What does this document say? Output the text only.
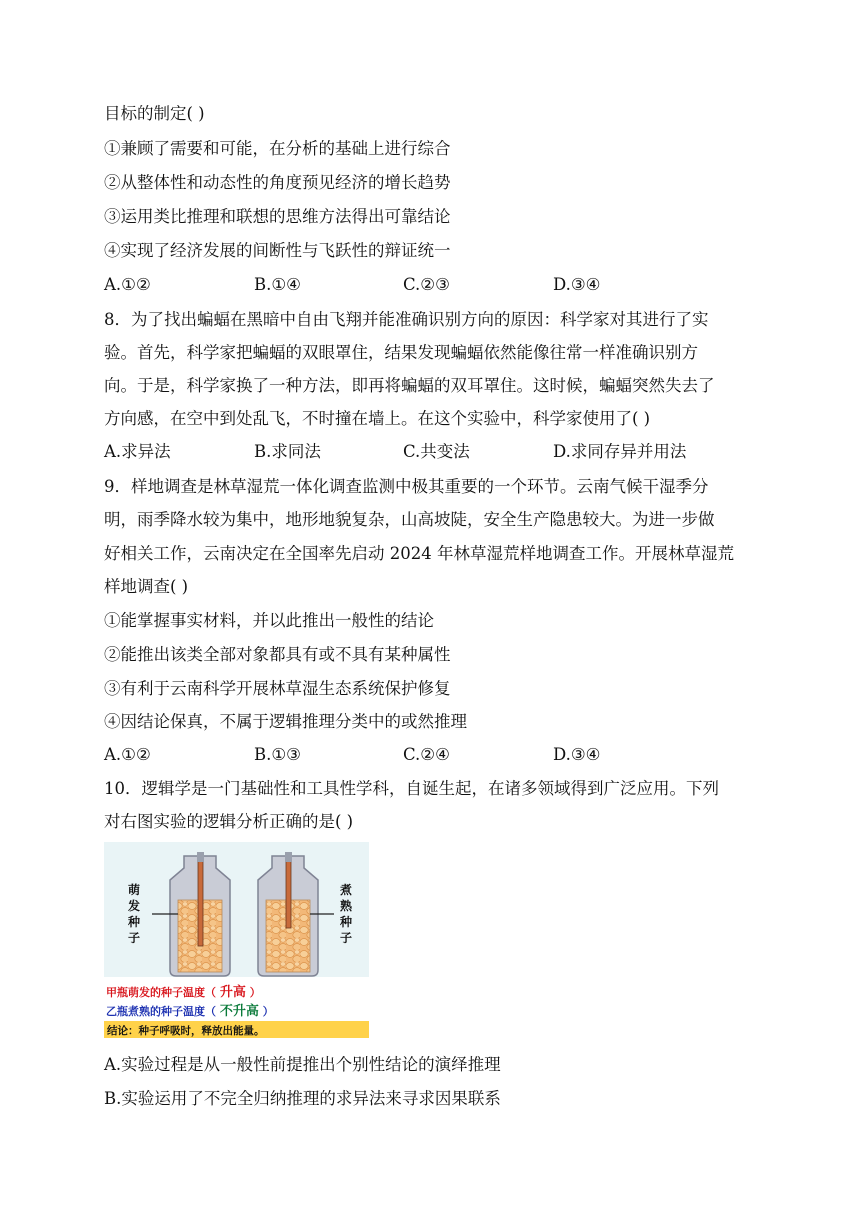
目标的制定( )
①兼顾了需要和可能，在分析的基础上进行综合
②从整体性和动态性的角度预见经济的增长趋势
③运用类比推理和联想的思维方法得出可靠结论
④实现了经济发展的间断性与飞跃性的辩证统一
A.①②	B.①④	C.②③	D.③④
8．为了找出蝙蝠在黑暗中自由飞翔并能准确识别方向的原因：科学家对其进行了实
验。首先，科学家把蝙蝠的双眼罩住，结果发现蝙蝠依然能像往常一样准确识别方
向。于是，科学家换了一种方法，即再将蝙蝠的双耳罩住。这时候，蝙蝠突然失去了
方向感，在空中到处乱飞，不时撞在墙上。在这个实验中，科学家使用了( )
A.求异法	B.求同法	C.共变法	D.求同存异并用法
9．样地调查是林草湿荒一体化调查监测中极其重要的一个环节。云南气候干湿季分
明，雨季降水较为集中，地形地貌复杂，山高坡陡，安全生产隐患较大。为进一步做
好相关工作，云南决定在全国率先启动 2024 年林草湿荒样地调查工作。开展林草湿荒
样地调查( )
①能掌握事实材料，并以此推出一般性的结论
②能推出该类全部对象都具有或不具有某种属性
③有利于云南科学开展林草湿生态系统保护修复
④因结论保真，不属于逻辑推理分类中的或然推理
A.①②	B.①③	C.②④	D.③④
10．逻辑学是一门基础性和工具性学科，自诞生起，在诸多领域得到广泛应用。下列
对右图实验的逻辑分析正确的是( )
萌
发
种
子
煮
熟
种
子
甲瓶萌发的种子温度（ 升高 ）
乙瓶煮熟的种子温度（ 不升高 ）
结论：种子呼吸时，释放出能量。
A.实验过程是从一般性前提推出个别性结论的演绎推理
B.实验运用了不完全归纳推理的求异法来寻求因果联系
